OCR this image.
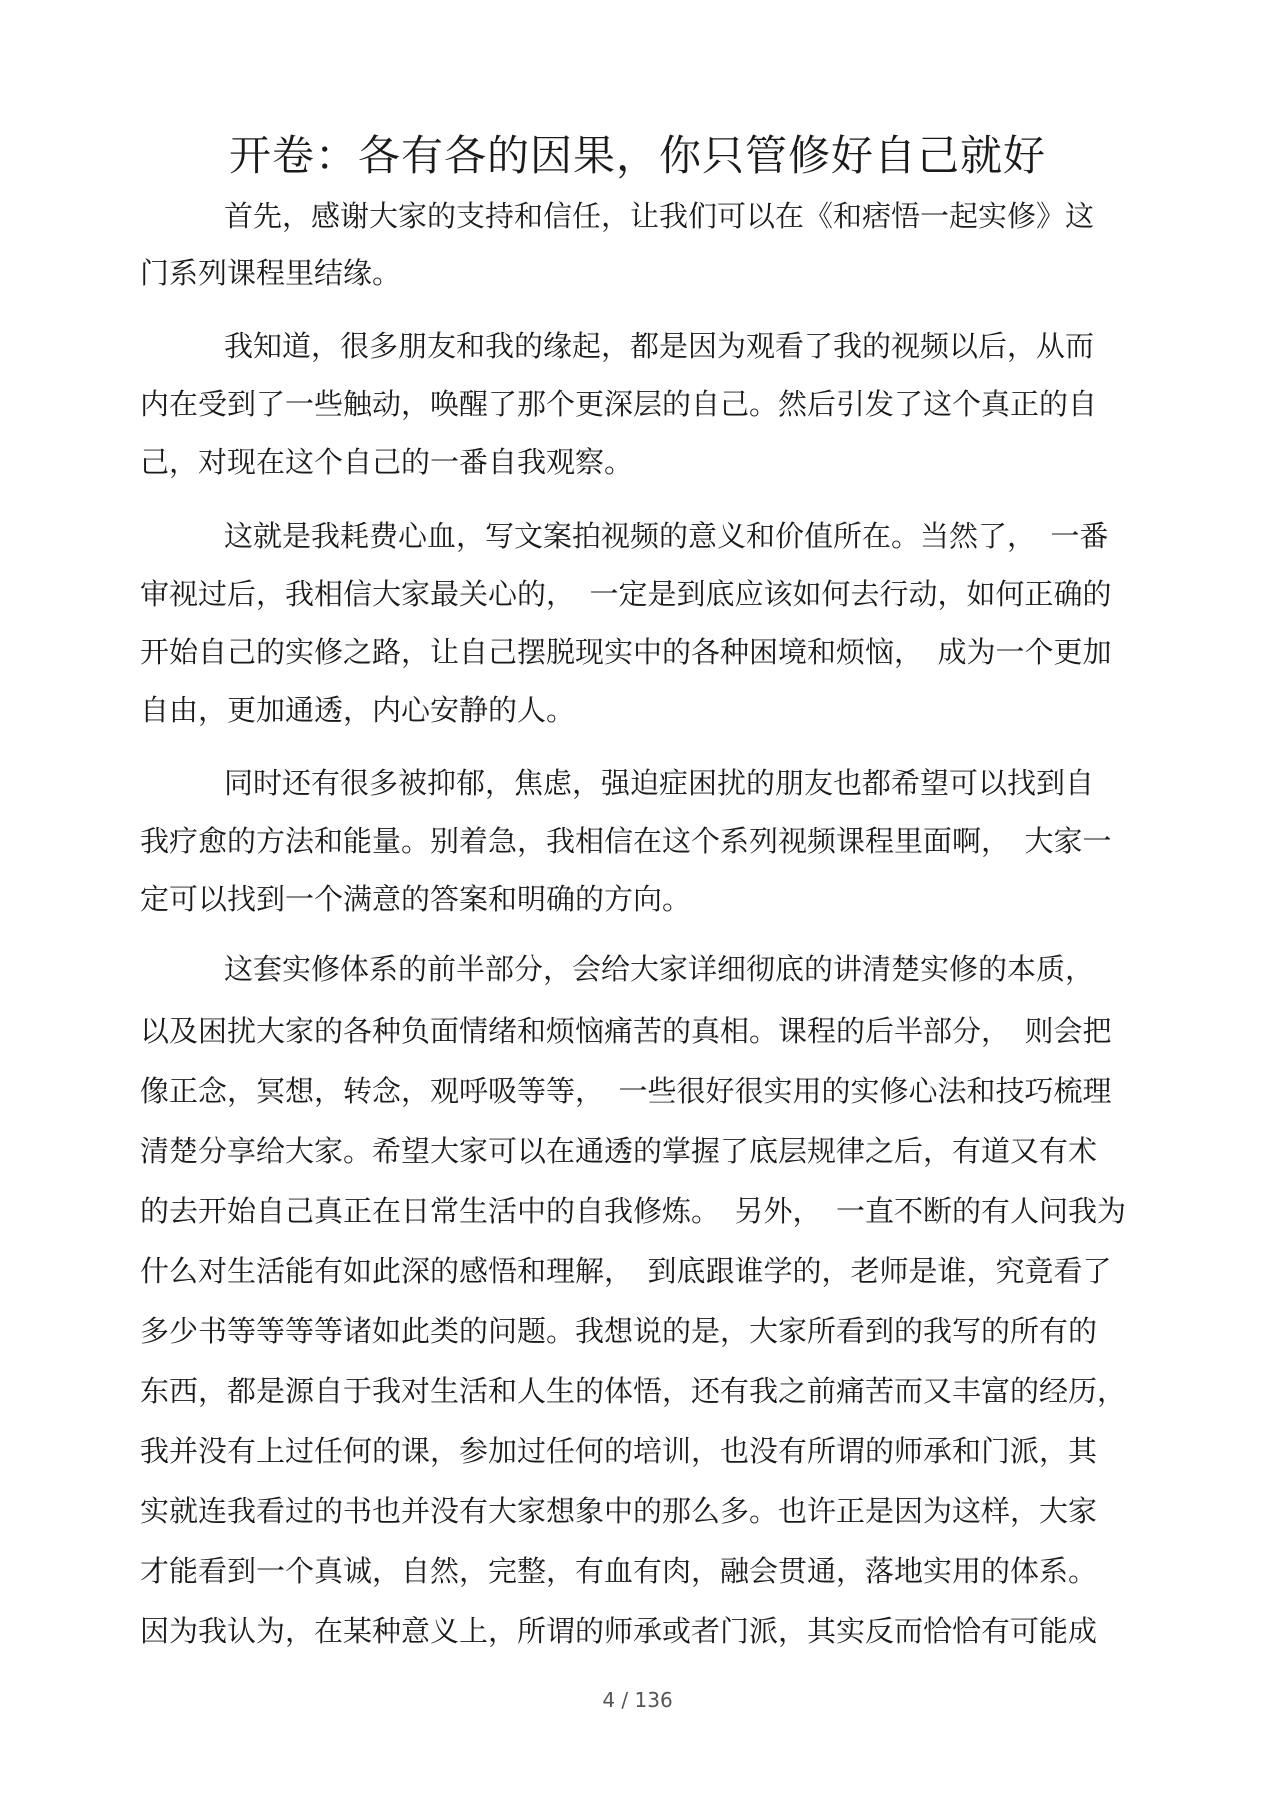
开卷：各有各的因果，你只管修好自己就好

首先，感谢大家的支持和信任，让我们可以在《和痞悟一起实修》这

门系列课程里结缘。

我知道，很多朋友和我的缘起，都是因为观看了我的视频以后，从而

内在受到了一些触动，唤醒了那个更深层的自己。然后引发了这个真正的自

己，对现在这个自己的一番自我观察。

这就是我耗费心血，写文案拍视频的意义和价值所在。当然了，　一番

审视过后，我相信大家最关心的，　一定是到底应该如何去行动，如何正确的

开始自己的实修之路，让自己摆脱现实中的各种困境和烦恼，　成为一个更加

自由，更加通透，内心安静的人。

同时还有很多被抑郁，焦虑，强迫症困扰的朋友也都希望可以找到自

我疗愈的方法和能量。别着急，我相信在这个系列视频课程里面啊，　大家一

定可以找到一个满意的答案和明确的方向。

这套实修体系的前半部分，会给大家详细彻底的讲清楚实修的本质，

以及困扰大家的各种负面情绪和烦恼痛苦的真相。课程的后半部分，　则会把

像正念，冥想，转念，观呼吸等等，　一些很好很实用的实修心法和技巧梳理

清楚分享给大家。希望大家可以在通透的掌握了底层规律之后，有道又有术

的去开始自己真正在日常生活中的自我修炼。　另外，　一直不断的有人问我为

什么对生活能有如此深的感悟和理解，　到底跟谁学的，老师是谁，究竟看了

多少书等等等等诸如此类的问题。我想说的是，大家所看到的我写的所有的

东西，都是源自于我对生活和人生的体悟，还有我之前痛苦而又丰富的经历，

我并没有上过任何的课，参加过任何的培训，也没有所谓的师承和门派，其

实就连我看过的书也并没有大家想象中的那么多。也许正是因为这样，大家

才能看到一个真诚，自然，完整，有血有肉，融会贯通，落地实用的体系。

因为我认为，在某种意义上，所谓的师承或者门派，其实反而恰恰有可能成

4 / 136
